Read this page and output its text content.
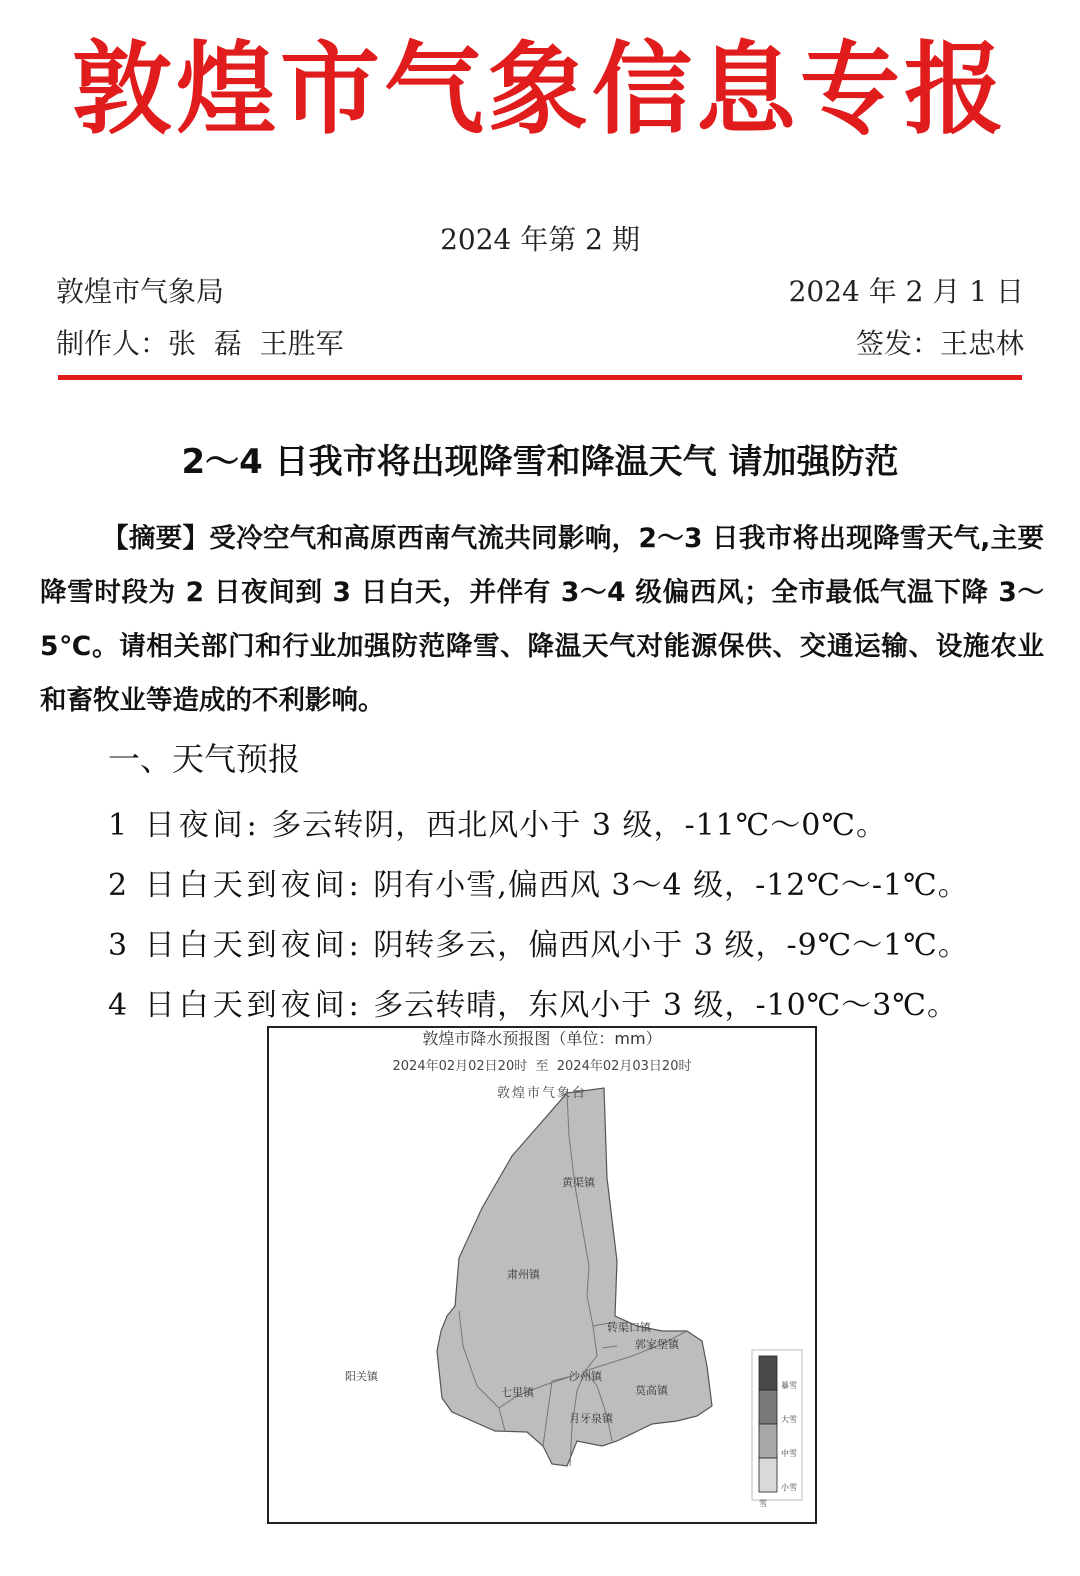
敦煌市气象信息专报
2024 年第 2 期
敦煌市气象局	2024 年 2 月 1 日
制作人：张  磊  王胜军	签发：王忠林
2～4 日我市将出现降雪和降温天气 请加强防范
【摘要】受冷空气和高原西南气流共同影响，2～3 日我市将出现降雪天气,主要降雪时段为 2 日夜间到 3 日白天，并伴有 3～4 级偏西风；全市最低气温下降 3～5℃。请相关部门和行业加强防范降雪、降温天气对能源保供、交通运输、设施农业和畜牧业等造成的不利影响。
一、天气预报
1 日夜间: 多云转阴，西北风小于 3 级，-11℃～0℃。
2 日白天到夜间: 阴有小雪,偏西风 3～4 级，-12℃～-1℃。
3 日白天到夜间: 阴转多云，偏西风小于 3 级，-9℃～1℃。
4 日白天到夜间: 多云转晴，东风小于 3 级，-10℃～3℃。
黄渠镇
肃州镇
转渠口镇
郭家堡镇
阳关镇
七里镇
沙州镇
莫高镇
月牙泉镇
暴雪
大雪
中雪
小雪
雪
敦煌市降水预报图（单位：mm）
2024年02月02日20时  至  2024年02月03日20时
敦煌市气象台
